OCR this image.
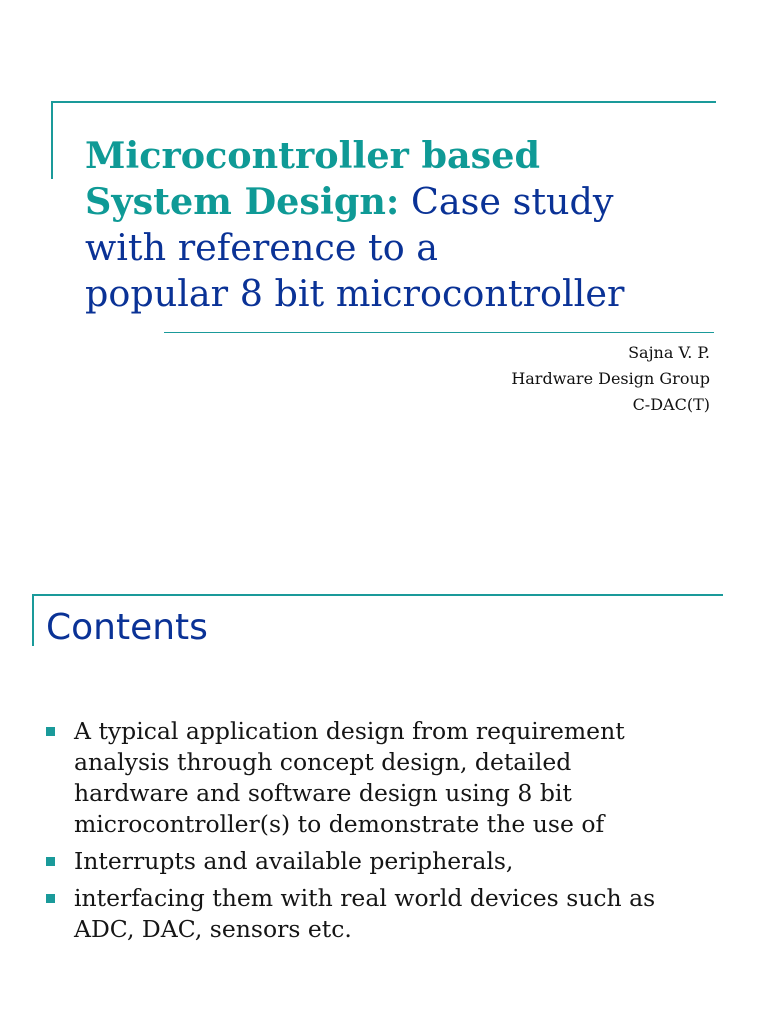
Microcontroller based
System Design: Case study
with reference to a
popular 8 bit microcontroller
Sajna V. P.
Hardware Design Group
C-DAC(T)
Contents
A typical application design from requirement
analysis through concept design, detailed
hardware and software design using 8 bit
microcontroller(s) to demonstrate the use of
Interrupts and available peripherals,
interfacing them with real world devices such as
ADC, DAC, sensors etc.
